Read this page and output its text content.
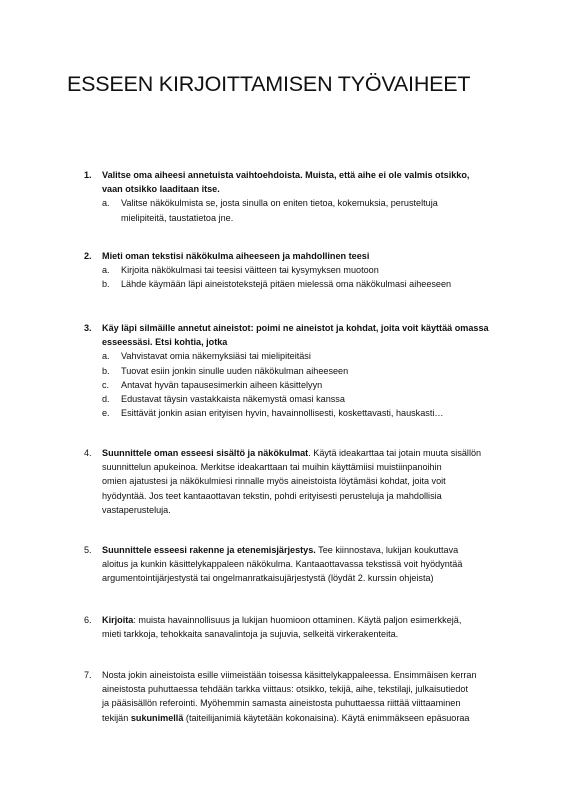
ESSEEN KIRJOITTAMISEN TYÖVAIHEET
1.	Valitse oma aiheesi annetuista vaihtoehdoista. Muista, että aihe ei ole valmis otsikko,
vaan otsikko laaditaan itse.
a. Valitse näkökulmista se, josta sinulla on eniten tietoa, kokemuksia, perusteltuja
mielipiteitä, taustatietoa jne.
2.	Mieti oman tekstisi näkökulma aiheeseen ja mahdollinen teesi
a. Kirjoita näkökulmasi tai teesisi väitteen tai kysymyksen muotoon
b. Lähde käymään läpi aineistotekstejä pitäen mielessä oma näkökulmasi aiheeseen
3.	Käy läpi silmäille annetut aineistot: poimi ne aineistot ja kohdat, joita voit käyttää omassa
esseessäsi. Etsi kohtia, jotka
a. Vahvistavat omia näkemyksiäsi tai mielipiteitäsi
b. Tuovat esiin jonkin sinulle uuden näkökulman aiheeseen
c. Antavat hyvän tapausesimerkin aiheen käsittelyyn
d. Edustavat täysin vastakkaista näkemystä omasi kanssa
e. Esittävät jonkin asian erityisen hyvin, havainnollisesti, koskettavasti, hauskasti…
4.	Suunnittele oman esseesi sisältö ja näkökulmat. Käytä ideakarttaa tai jotain muuta sisällön
suunnittelun apukeinoa. Merkitse ideakarttaan tai muihin käyttämiisi muistiinpanoihin
omien ajatustesi ja näkökulmiesi rinnalle myös aineistoista löytämäsi kohdat, joita voit
hyödyntää. Jos teet kantaaottavan tekstin, pohdi erityisesti perusteluja ja mahdollisia
vastaperusteluja.
5.	Suunnittele esseesi rakenne ja etenemisjärjestys. Tee kiinnostava, lukijan koukuttava
aloitus ja kunkin käsittelykappaleen näkökulma. Kantaaottavassa tekstissä voit hyödyntää
argumentointijärjestystä tai ongelmanratkaisujärjestystä (löydät 2. kurssin ohjeista)
6.	Kirjoita: muista havainnollisuus ja lukijan huomioon ottaminen. Käytä paljon esimerkkejä,
mieti tarkkoja, tehokkaita sanavalintoja ja sujuvia, selkeitä virkerakenteita.
7.	Nosta jokin aineistoista esille viimeistään toisessa käsittelykappaleessa. Ensimmäisen kerran
aineistosta puhuttaessa tehdään tarkka viittaus: otsikko, tekijä, aihe, tekstilaji, julkaisutiedot
ja pääsisällön referointi. Myöhemmin samasta aineistosta puhuttaessa riittää viittaaminen
tekijän sukunimellä (taiteilijanimiä käytetään kokonaisina). Käytä enimmäkseen epäsuoraa
